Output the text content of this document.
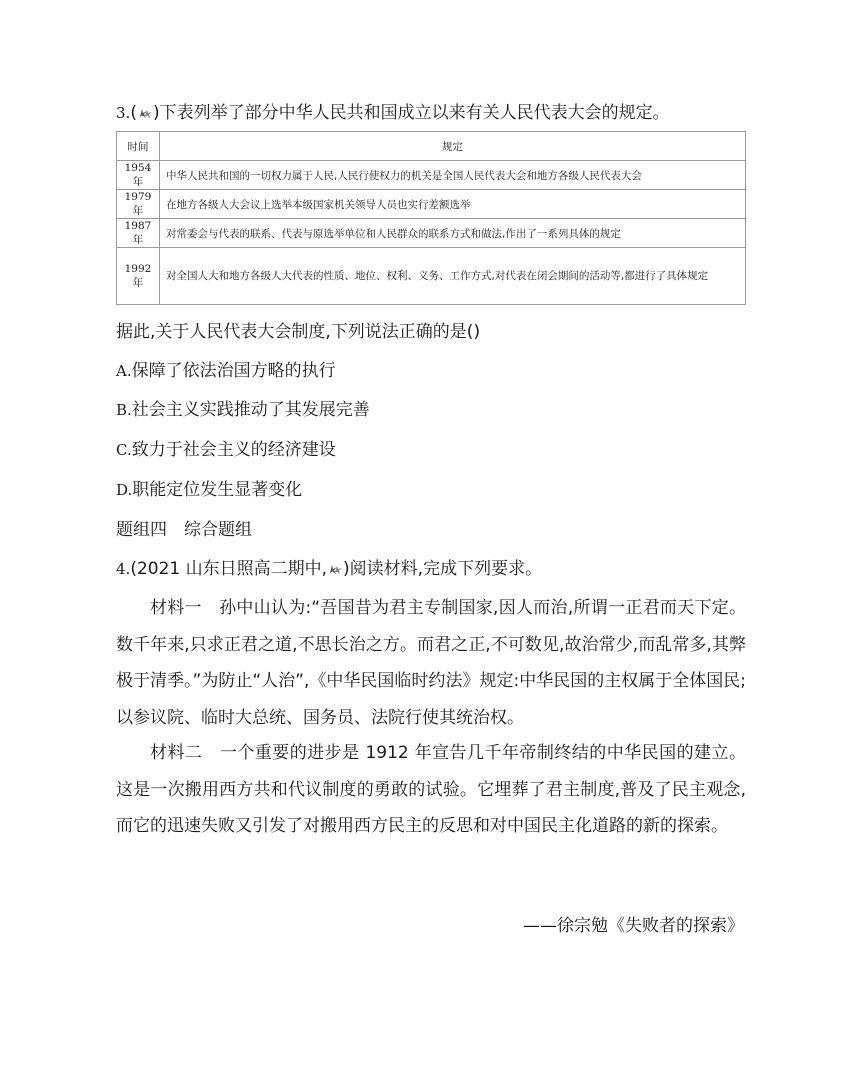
3.( )下表列举了部分中华人民共和国成立以来有关人民代表大会的规定。
时间	规定
1954 年	中华人民共和国的一切权力属于人民,人民行使权力的机关是全国人民代表大会和地方各级人民代表大会
1979 年	在地方各级人大会议上选举本级国家机关领导人员也实行差额选举
1987 年	对常委会与代表的联系、代表与原选举单位和人民群众的联系方式和做法,作出了一系列具体的规定
1992 年	对全国人大和地方各级人大代表的性质、地位、权利、义务、工作方式,对代表在闭会期间的活动等,都进行了具体规定
据此,关于人民代表大会制度,下列说法正确的是()
A.保障了依法治国方略的执行
B.社会主义实践推动了其发展完善
C.致力于社会主义的经济建设
D.职能定位发生显著变化
题组四　综合题组
4.(2021 山东日照高二期中, )阅读材料,完成下列要求。
材料一　孙中山认为:“吾国昔为君主专制国家,因人而治,所谓一正君而天下定。数千年来,只求正君之道,不思长治之方。而君之正,不可数见,故治常少,而乱常多,其弊极于清季。”为防止“人治”,《中华民国临时约法》规定:中华民国的主权属于全体国民;以参议院、临时大总统、国务员、法院行使其统治权。
材料二　一个重要的进步是 1912 年宣告几千年帝制终结的中华民国的建立。这是一次搬用西方共和代议制度的勇敢的试验。它埋葬了君主制度,普及了民主观念,而它的迅速失败又引发了对搬用西方民主的反思和对中国民主化道路的新的探索。
——徐宗勉《失败者的探索》
